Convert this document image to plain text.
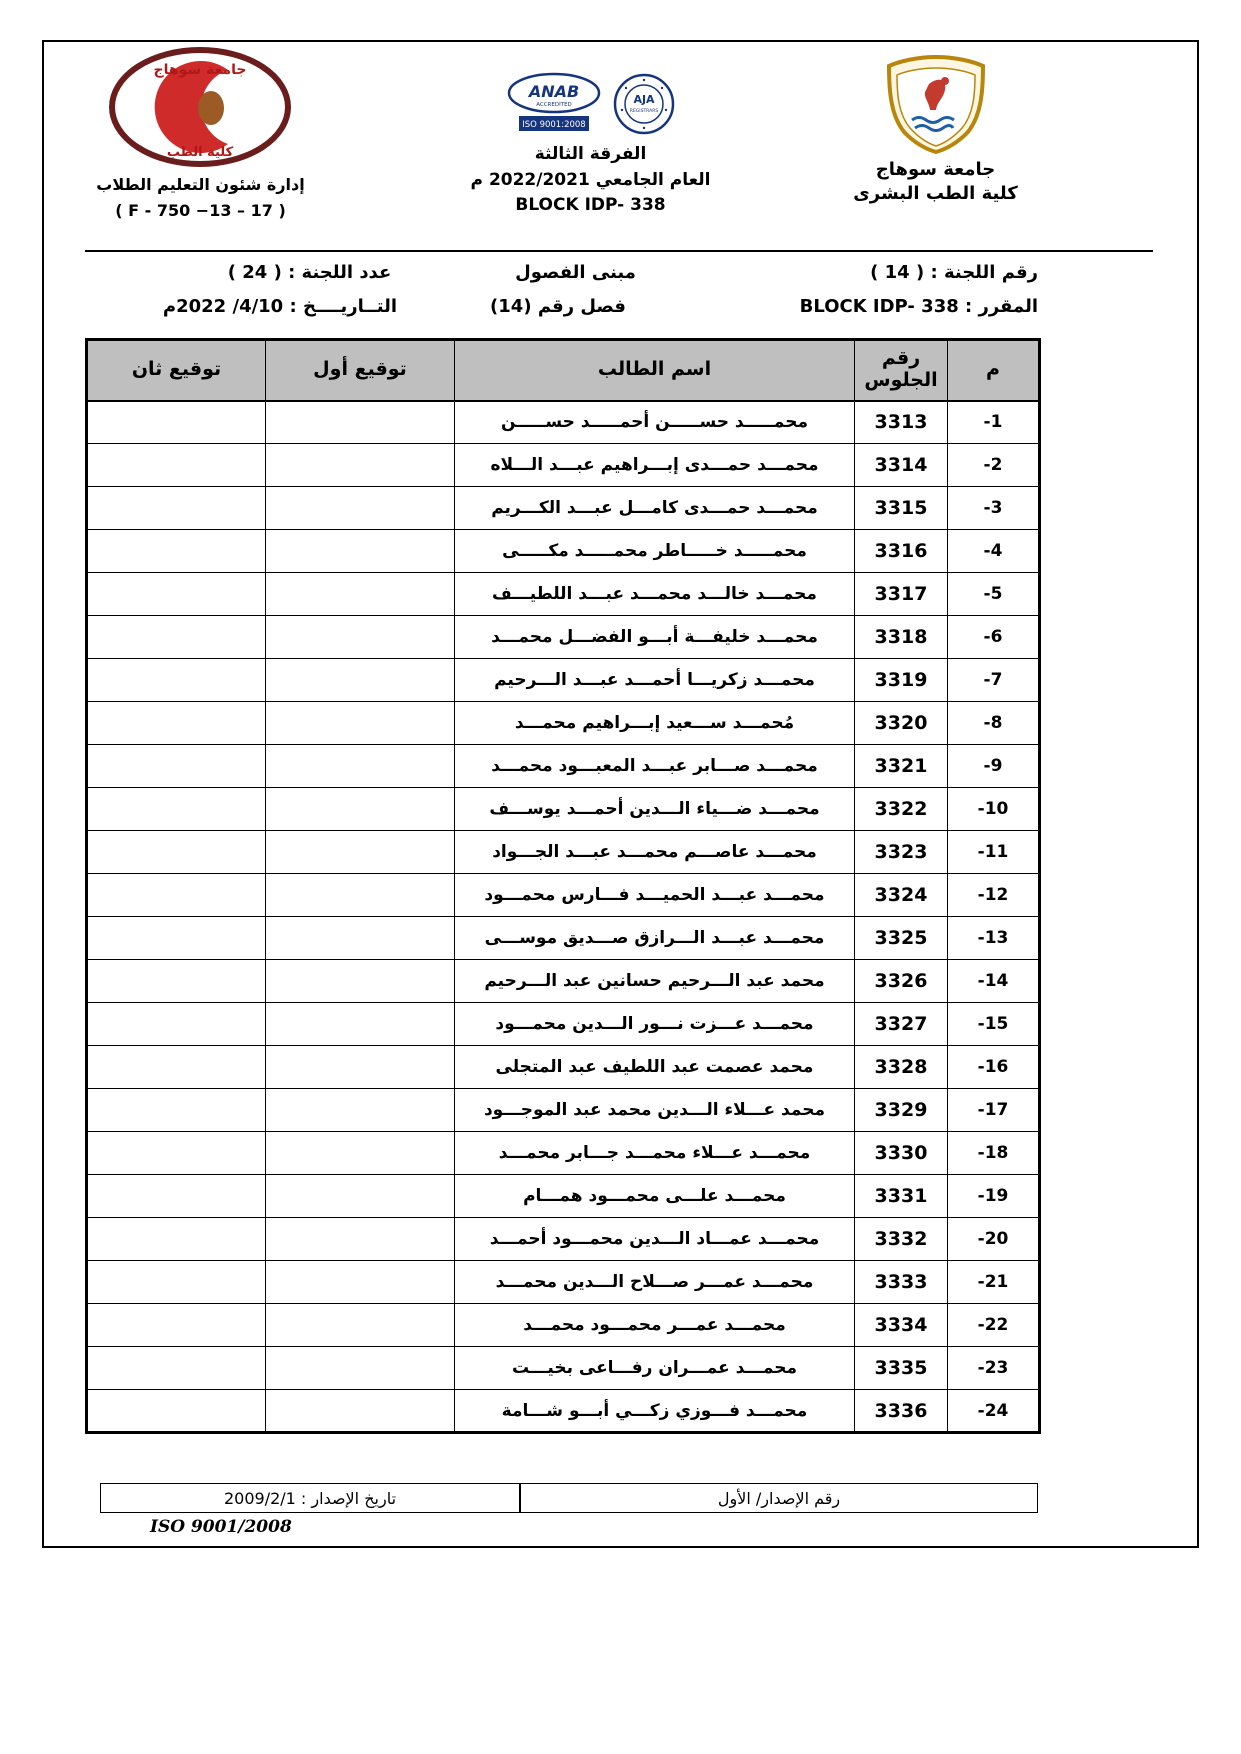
جامعة سوهاج
كلية الطب البشرى
ANAB
ACCREDITED
ISO 9001:2008
AJA
REGISTRARS
الفرقة الثالثة
العام الجامعي 2022/2021 م
BLOCK IDP- 338
جامعة سوهاج
كلية الطب
إدارة شئون التعليم الطلاب
( F - 750 −13 – 17 )
رقم اللجنة : ( 14 )
مبنى الفصول
عدد اللجنة : ( 24 )
المقرر : BLOCK IDP- 338
فصل رقم (14)
التــاريــــخ : 4/10/ 2022م
م	رقم الجلوس	اسم الطالب	توقيع أول	توقيع ثان
-1	3313	محمـــــد حســـــن أحمـــــد حســـــن		
-2	3314	محمـــد حمـــدى إبـــراهيم عبـــد الـــلاه		
-3	3315	محمـــد حمـــدى كامـــل عبـــد الكـــريم		
-4	3316	محمـــــد خـــــاطر محمـــــد مكـــــى		
-5	3317	محمـــد خالـــد محمـــد عبـــد اللطيـــف		
-6	3318	محمـــد خليفـــة أبـــو الفضـــل محمـــد		
-7	3319	محمـــد زكريـــا أحمـــد عبـــد الـــرحيم		
-8	3320	مُحمـــد ســـعيد إبـــراهيم محمـــد		
-9	3321	محمـــد صـــابر عبـــد المعبـــود محمـــد		
-10	3322	محمـــد ضـــياء الـــدين أحمـــد يوســـف		
-11	3323	محمـــد عاصـــم محمـــد عبـــد الجـــواد		
-12	3324	محمـــد عبـــد الحميـــد فـــارس محمـــود		
-13	3325	محمـــد عبـــد الـــرازق صـــديق موســـى		
-14	3326	محمد عبد الـــرحيم حسانين عبد الـــرحيم		
-15	3327	محمـــد عـــزت نـــور الـــدين محمـــود		
-16	3328	محمد عصمت عبد اللطيف عبد المتجلى		
-17	3329	محمد عـــلاء الـــدين محمد عبد الموجـــود		
-18	3330	محمـــد عـــلاء محمـــد جـــابر محمـــد		
-19	3331	محمـــد علـــى محمـــود همـــام		
-20	3332	محمـــد عمـــاد الـــدين محمـــود أحمـــد		
-21	3333	محمـــد عمـــر صـــلاح الـــدين محمـــد		
-22	3334	محمـــد عمـــر محمـــود محمـــد		
-23	3335	محمـــد عمـــران رفـــاعى بخيـــت		
-24	3336	محمـــد فـــوزي زكـــي أبـــو شـــامة		
رقم الإصدار/ الأول
تاريخ الإصدار : 2009/2/1
ISO 9001/2008
